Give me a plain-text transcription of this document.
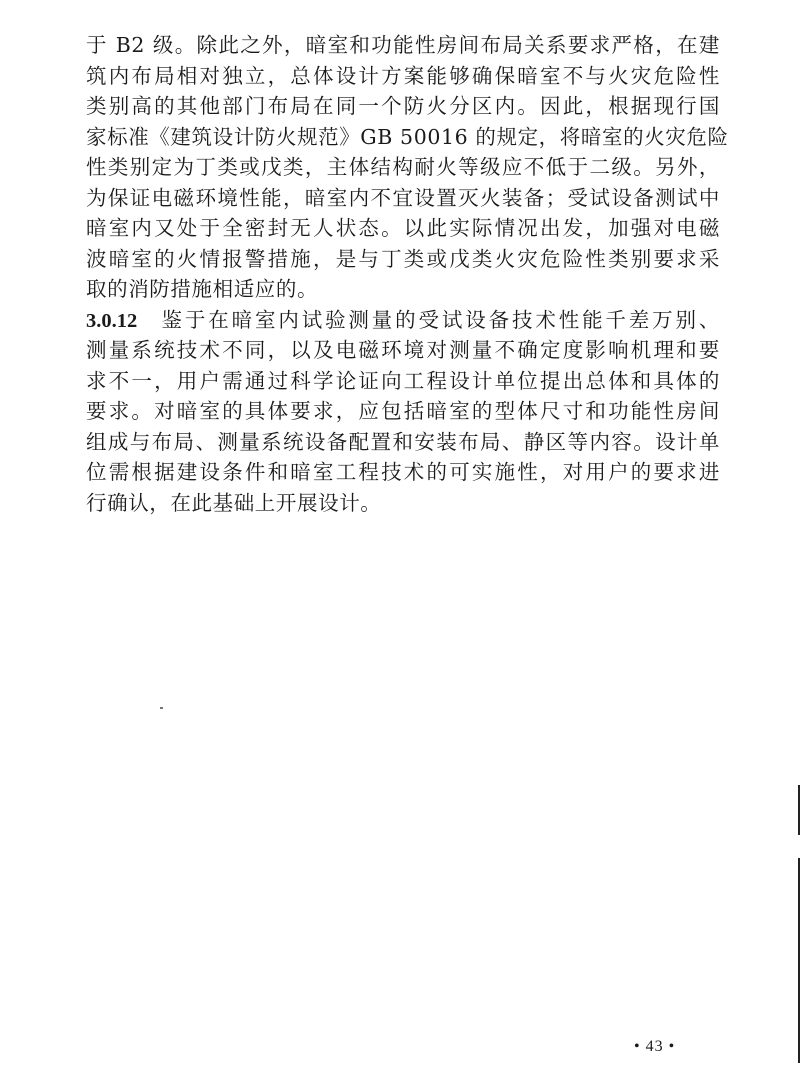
于 B2 级。除此之外，暗室和功能性房间布局关系要求严格，在建
筑内布局相对独立，总体设计方案能够确保暗室不与火灾危险性
类别高的其他部门布局在同一个防火分区内。因此，根据现行国
家标准《建筑设计防火规范》GB 50016 的规定，将暗室的火灾危险
性类别定为丁类或戊类，主体结构耐火等级应不低于二级。另外，
为保证电磁环境性能，暗室内不宜设置灭火装备；受试设备测试中
暗室内又处于全密封无人状态。以此实际情况出发，加强对电磁
波暗室的火情报警措施，是与丁类或戊类火灾危险性类别要求采
取的消防措施相适应的。
3.0.12 鉴于在暗室内试验测量的受试设备技术性能千差万别、
测量系统技术不同，以及电磁环境对测量不确定度影响机理和要
求不一，用户需通过科学论证向工程设计单位提出总体和具体的
要求。对暗室的具体要求，应包括暗室的型体尺寸和功能性房间
组成与布局、测量系统设备配置和安装布局、静区等内容。设计单
位需根据建设条件和暗室工程技术的可实施性，对用户的要求进
行确认，在此基础上开展设计。
• 43 •
